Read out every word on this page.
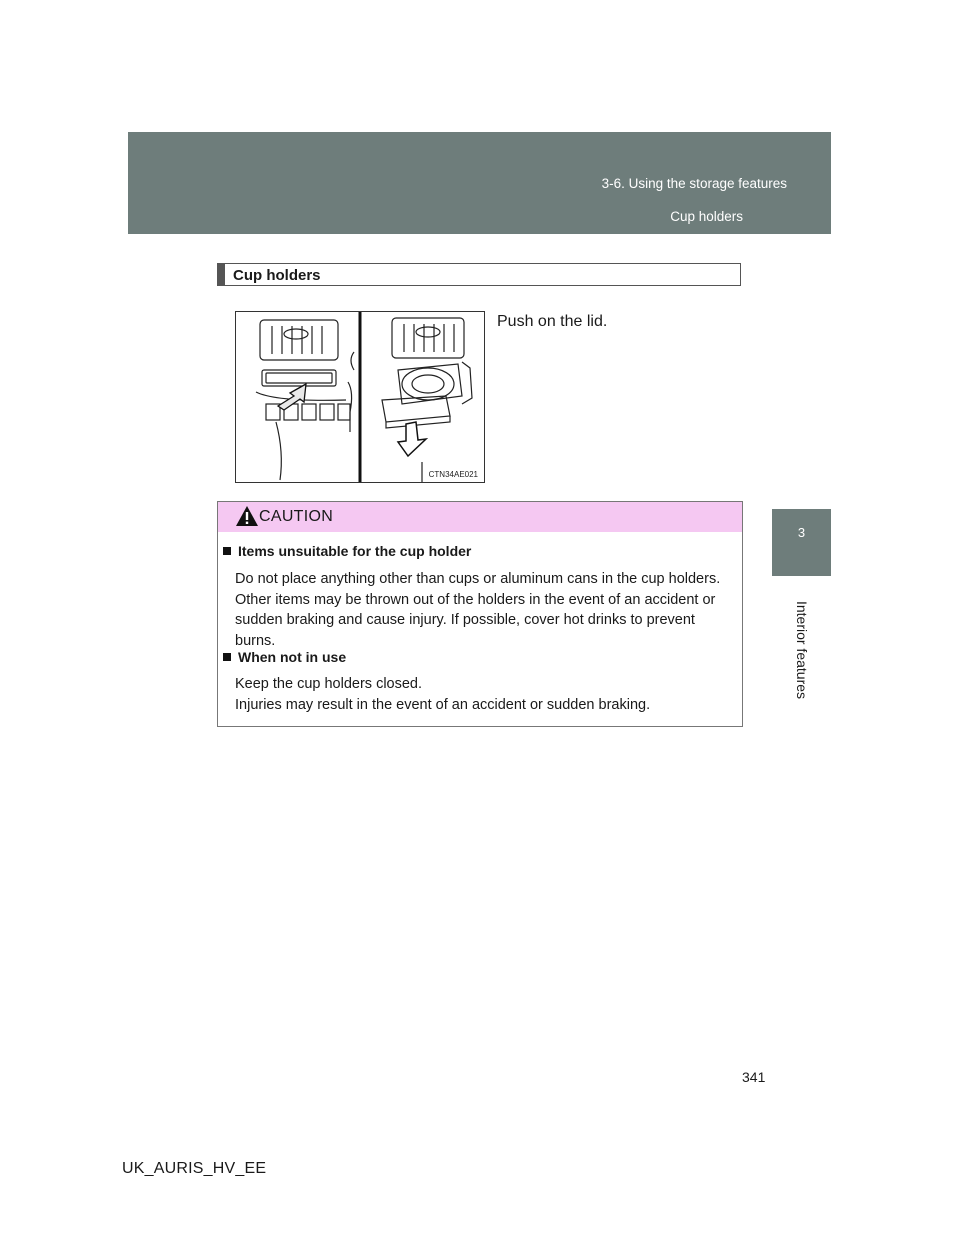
3-6. Using the storage features
Cup holders
3
Interior features
Cup holders
CTN34AE021
Push on the lid.
CAUTION
Items unsuitable for the cup holder
Do not place anything other than cups or aluminum cans in the cup holders.
Other items may be thrown out of the holders in the event of an accident or
sudden braking and cause injury. If possible, cover hot drinks to prevent
burns.
When not in use
Keep the cup holders closed.
Injuries may result in the event of an accident or sudden braking.
341
UK_AURIS_HV_EE
